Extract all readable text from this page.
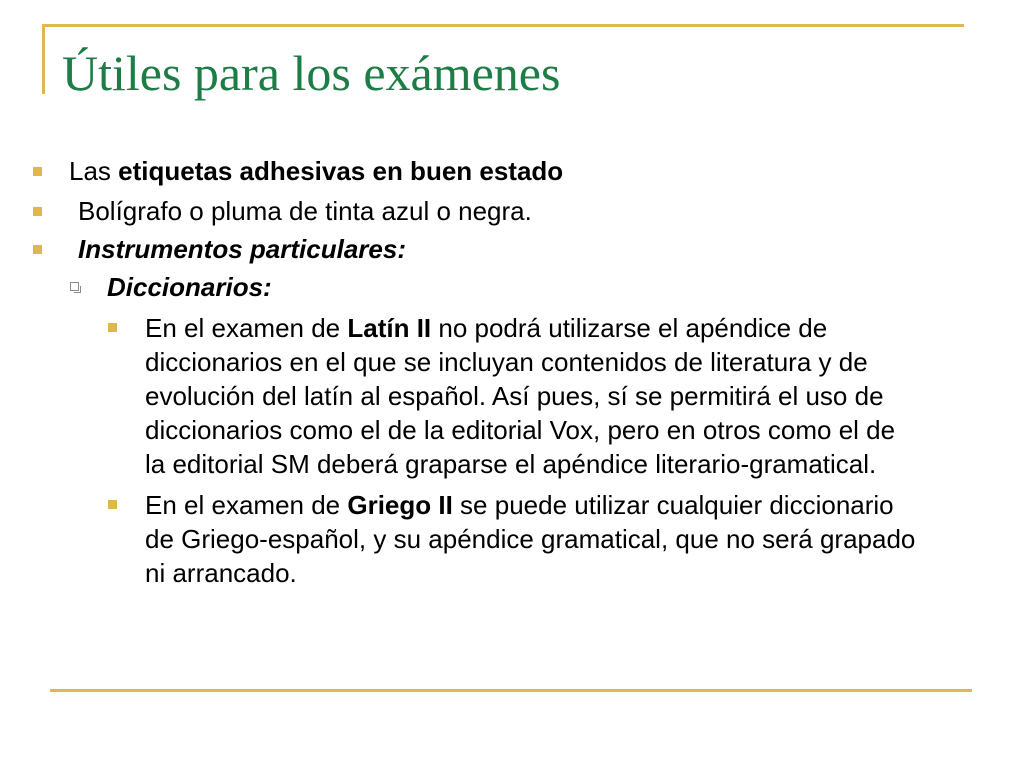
Útiles para los exámenes
Las etiquetas adhesivas en buen estado
Bolígrafo o pluma de tinta azul o negra.
Instrumentos particulares:
Diccionarios:
En el examen de Latín II no podrá utilizarse el apéndice de
diccionarios en el que se incluyan contenidos de literatura y de
evolución del latín al español. Así pues, sí se permitirá el uso de
diccionarios como el de la editorial Vox, pero en otros como el de
la editorial SM deberá graparse el apéndice literario-gramatical.
En el examen de Griego II se puede utilizar cualquier diccionario
de Griego-español, y su apéndice gramatical, que no será grapado
ni arrancado.
